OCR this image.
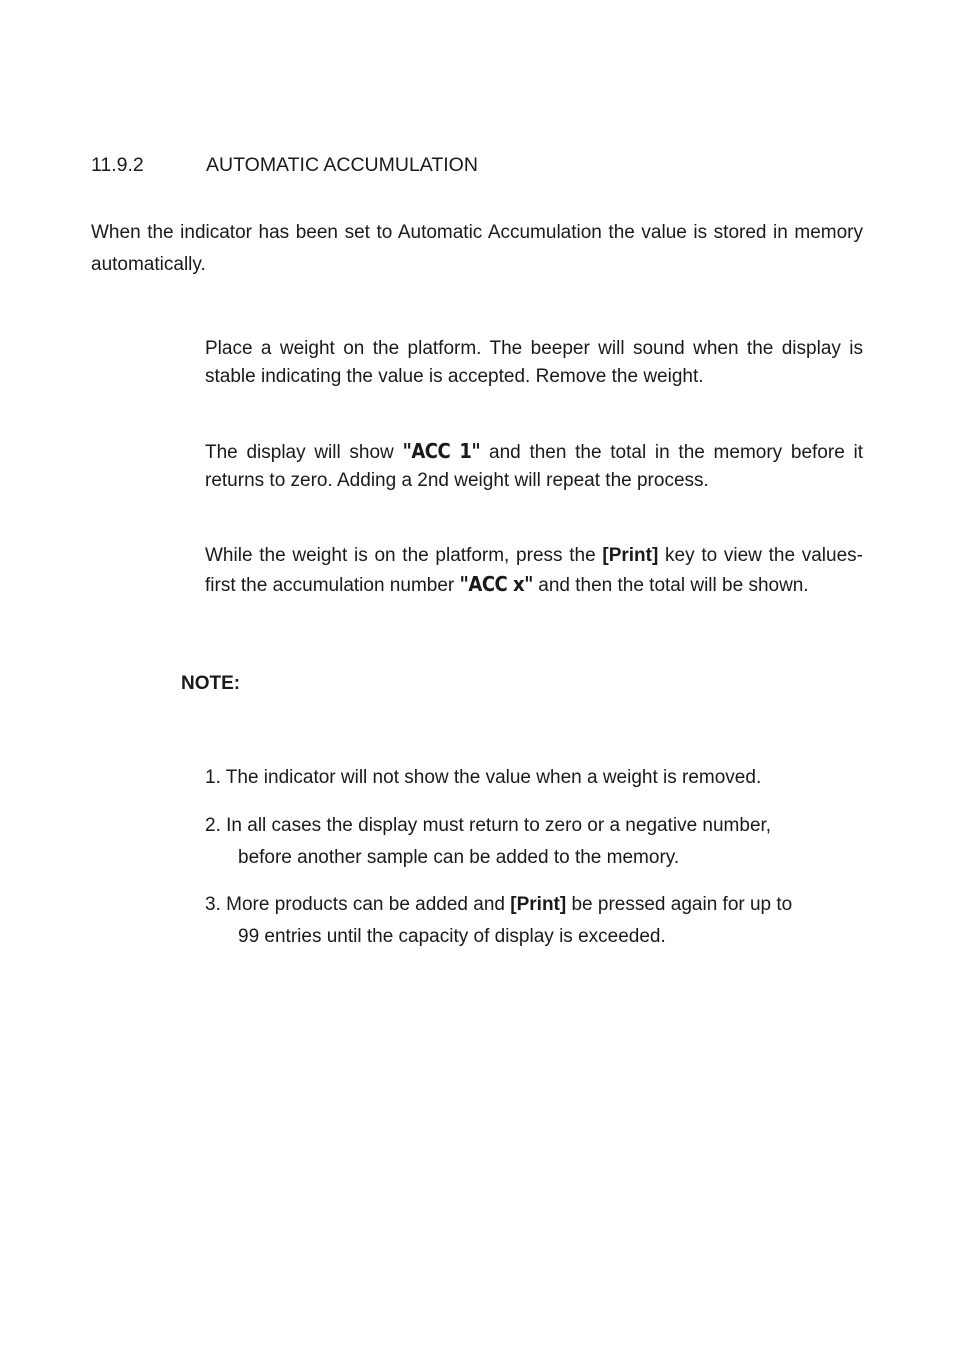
11.9.2	AUTOMATIC ACCUMULATION
When the indicator has been set to Automatic Accumulation the value is stored in memory automatically.
Place a weight on the platform. The beeper will sound when the display is stable indicating the value is accepted. Remove the weight.
The display will show "ACC 1" and then the total in the memory before it returns to zero. Adding a 2nd weight will repeat the process.
While the weight is on the platform, press the [Print] key to view the values- first the accumulation number "ACC x" and then the total will be shown.
NOTE:
1. The indicator will not show the value when a weight is removed.
2. In all cases the display must return to zero or a negative number,
before another sample can be added to the memory.
3. More products can be added and [Print] be pressed again for up to
99 entries until the capacity of display is exceeded.
